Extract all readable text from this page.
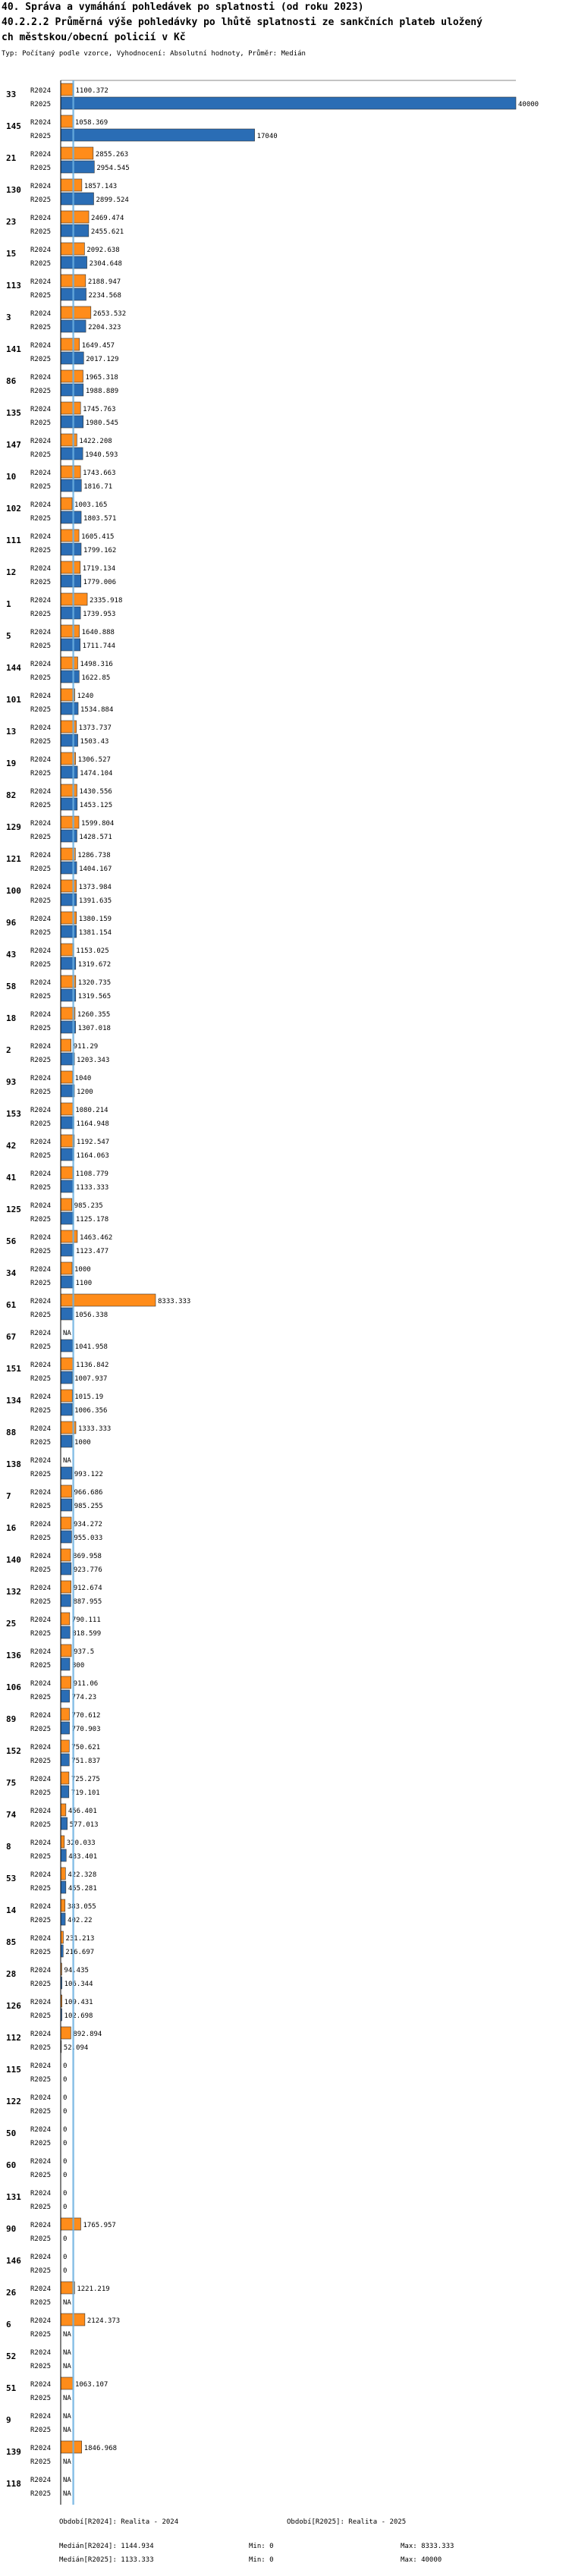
40. Správa a vymáhání pohledávek po splatnosti (od roku 2023)
40.2.2.2 Průměrná výše pohledávky po lhůtě splatnosti ze sankčních plateb uložený
ch městskou/obecní policií v Kč
Typ: Počítaný podle vzorce, Vyhodnocení: Absolutní hodnoty, Průměr: Medián
33 R2024	1100.372
R2025	40000
145 R2024	1058.369
R2025	17040
21 R2024	2855.263
R2025	2954.545
130 R2024	1857.143
R2025	2899.524
23 R2024	2469.474
R2025	2455.621
15 R2024	2092.638
R2025	2304.648
113 R2024	2188.947
R2025	2234.568
3	R2024	2653.532
R2025	2204.323
141 R2024	1649.457
R2025	2017.129
86 R2024	1965.318
R2025	1988.889
135 R2024	1745.763
R2025	1980.545
147 R2024	1422.208
R2025	1940.593
10 R2024	1743.663
R2025	1816.71
102 R2024	1003.165
R2025	1803.571
111 R2024	1605.415
R2025	1799.162
12 R2024	1719.134
R2025	1779.006
1	R2024	2335.918
R2025	1739.953
5	R2024	1640.888
R2025	1711.744
144 R2024	1498.316
R2025	1622.85
101 R2024	1240
R2025	1534.884
13 R2024	1373.737
R2025	1503.43
19 R2024	1306.527
R2025	1474.104
82 R2024	1430.556
R2025	1453.125
129 R2024	1599.804
R2025	1428.571
121 R2024	1286.738
R2025	1404.167
100 R2024	1373.984
R2025	1391.635
96 R2024	1380.159
R2025	1381.154
43 R2024	1153.025
R2025	1319.672
58 R2024	1320.735
R2025	1319.565
18 R2024	1260.355
R2025	1307.018
2	R2024	911.29
R2025	1203.343
93 R2024	1040
R2025	1200
153 R2024	1080.214
R2025	1164.948
42 R2024	1192.547
R2025	1164.063
41 R2024	1108.779
R2025	1133.333
125 R2024	985.235
R2025	1125.178
56 R2024	1463.462
R2025	1123.477
34 R2024	1000
R2025	1100
61 R2024	8333.333
R2025	1056.338
67 R2024 NA
R2025	1041.958
151 R2024	1136.842
R2025	1007.937
134 R2024	1015.19
R2025	1006.356
88 R2024	1333.333
R2025	1000
138 R2024 NA
R2025	993.122
7	R2024	966.686
R2025	985.255
16 R2024	934.272
R2025	955.033
140 R2024	869.958
R2025	923.776
132 R2024	912.674
R2025	887.955
25 R2024	790.111
R2025	818.599
136 R2024	937.5
R2025	800
106 R2024	911.06
R2025	774.23
89 R2024	770.612
R2025	770.903
152 R2024	750.621
R2025	751.837
75 R2024	725.275
R2025	719.101
74 R2024	456.401
R2025	577.013
8	R2024 320.033
R2025	483.401
53 R2024 422.328
R2025	455.281
14 R2024 383.055
R2025 402.22
85 R2024 231.213
R2025 216.697
28 R2024 94.435
R2025 106.344
126 R2024 109.431
R2025 102.698
112 R2024	892.894
R2025 52.094
115 R2024 0
R2025 0
122 R2024 0
R2025 0
50 R2024 0
R2025 0
60 R2024 0
R2025 0
131 R2024 0
R2025 0
90 R2024	1765.957
R2025 0
146 R2024 0
R2025 0
26 R2024	1221.219
R2025 NA
6	R2024	2124.373
R2025 NA
52 R2024 NA
R2025 NA
51 R2024	1063.107
R2025 NA
9	R2024 NA
R2025 NA
139 R2024	1846.968
R2025 NA
118 R2024 NA
R2025 NA
Období[R2024]: Realita - 2024	Období[R2025]: Realita - 2025
Medián[R2024]: 1144.934
Medián[R2025]: 1133.333
Min: 0
Min: 0
Max: 8333.333
Max: 40000
